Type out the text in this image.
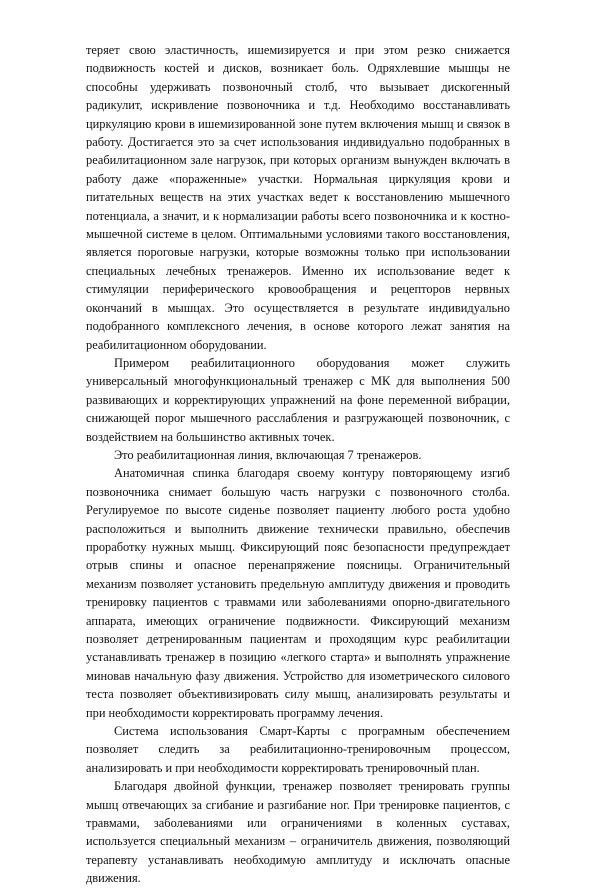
теряет свою эластичность, ишемизируется и при этом резко снижается подвижность костей и дисков, возникает боль. Одряхлевшие мышцы не способны удерживать позвоночный столб, что вызывает дискогенный радикулит, искривление позвоночника и т.д. Необходимо восстанавливать циркуляцию крови в ишемизированной зоне путем включения мышц и связок в работу. Достигается это за счет использования индивидуально подобранных в реабилитационном зале нагрузок, при которых организм вынужден включать в работу даже «пораженные» участки. Нормальная циркуляция крови и питательных веществ на этих участках ведет к восстановлению мышечного потенциала, а значит, и к нормализации работы всего позвоночника и к костно-мышечной системе в целом. Оптимальными условиями такого восстановления, является пороговые нагрузки, которые возможны только при использовании специальных лечебных тренажеров. Именно их использование ведет к стимуляции периферического кровообращения и рецепторов нервных окончаний в мышцах. Это осуществляется в результате индивидуально подобранного комплексного лечения, в основе которого лежат занятия на реабилитационном оборудовании.

Примером реабилитационного оборудования может служить универсальный многофункциональный тренажер с МК для выполнения 500 развивающих и корректирующих упражнений на фоне переменной вибрации, снижающей порог мышечного расслабления и разгружающей позвоночник, с воздействием на большинство активных точек.

Это реабилитационная линия, включающая 7 тренажеров.

Анатомичная спинка благодаря своему контуру повторяющему изгиб позвоночника снимает большую часть нагрузки с позвоночного столба. Регулируемое по высоте сиденье позволяет пациенту любого роста удобно расположиться и выполнить движение технически правильно, обеспечив проработку нужных мышц. Фиксирующий пояс безопасности предупреждает отрыв спины и опасное перенапряжение поясницы. Ограничительный механизм позволяет установить предельную амплитуду движения и проводить тренировку пациентов с травмами или заболеваниями опорно-двигательного аппарата, имеющих ограничение подвижности. Фиксирующий механизм позволяет детренированным пациентам и проходящим курс реабилитации устанавливать тренажер в позицию «легкого старта» и выполнять упражнение миновав начальную фазу движения. Устройство для изометрического силового теста позволяет объективизировать силу мышц, анализировать результаты и при необходимости корректировать программу лечения.

Система использования Смарт-Карты с програмным обеспечением позволяет следить за реабилитационно-тренировочным процессом, анализировать и при необходимости корректировать тренировочный план.

Благодаря двойной функции, тренажер позволяет тренировать группы мышц отвечающих за сгибание и разгибание ног. При тренировке пациентов, с травмами, заболеваниями или ограничениями в коленных суставах, используется специальный механизм – ограничитель движения, позволяющий терапевту устанавливать необходимую амплитуду и исключать опасные движения.
